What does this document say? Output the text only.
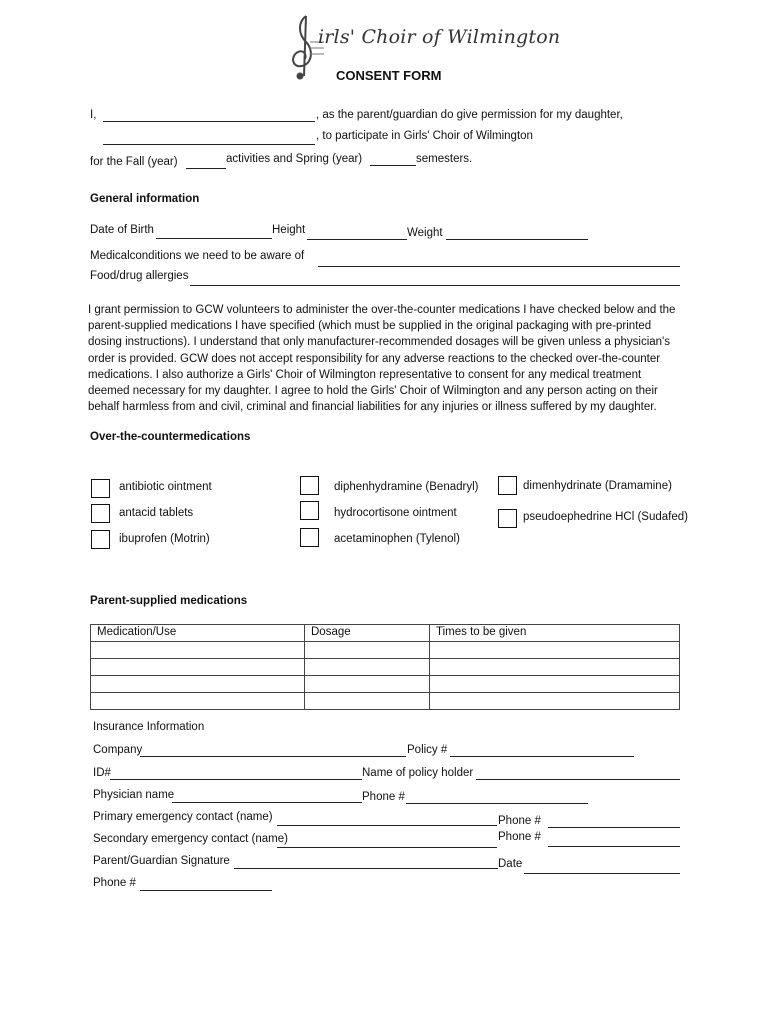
irls' Choir of Wilmington
CONSENT FORM
I,	, as the parent/guardian do give permission for my daughter,
, to participate in Girls' Choir of Wilmington
for the Fall (year)	activities and Spring (year)	semesters.
General information
Date of Birth	Height	Weight
Medicalconditions we need to be aware of
Food/drug allergies
I grant permission to GCW volunteers to administer the over-the-counter medications I have checked below and the parent-supplied medications I have specified (which must be supplied in the original packaging with pre-printed dosing instructions). I understand that only manufacturer-recommended dosages will be given unless a physician's order is provided. GCW does not accept responsibility for any adverse reactions to the checked over-the-counter medications. I also authorize a Girls' Choir of Wilmington representative to consent for any medical treatment deemed necessary for my daughter. I agree to hold the Girls' Choir of Wilmington and any person acting on their behalf harmless from and civil, criminal and financial liabilities for any injuries or illness suffered by my daughter.
Over-the-countermedications
antibiotic ointment
antacid tablets
ibuprofen (Motrin)
diphenhydramine (Benadryl)
hydrocortisone ointment
acetaminophen (Tylenol)
dimenhydrinate (Dramamine)
pseudoephedrine HCl (Sudafed)
Parent-supplied medications
Medication/Use	Dosage	Times to be given

Insurance Information
Company	Policy #
ID#	Name of policy holder
Physician name	Phone #
Primary emergency contact (name)	Phone #
Secondary emergency contact (name)	Phone #
Parent/Guardian Signature	Date
Phone #
